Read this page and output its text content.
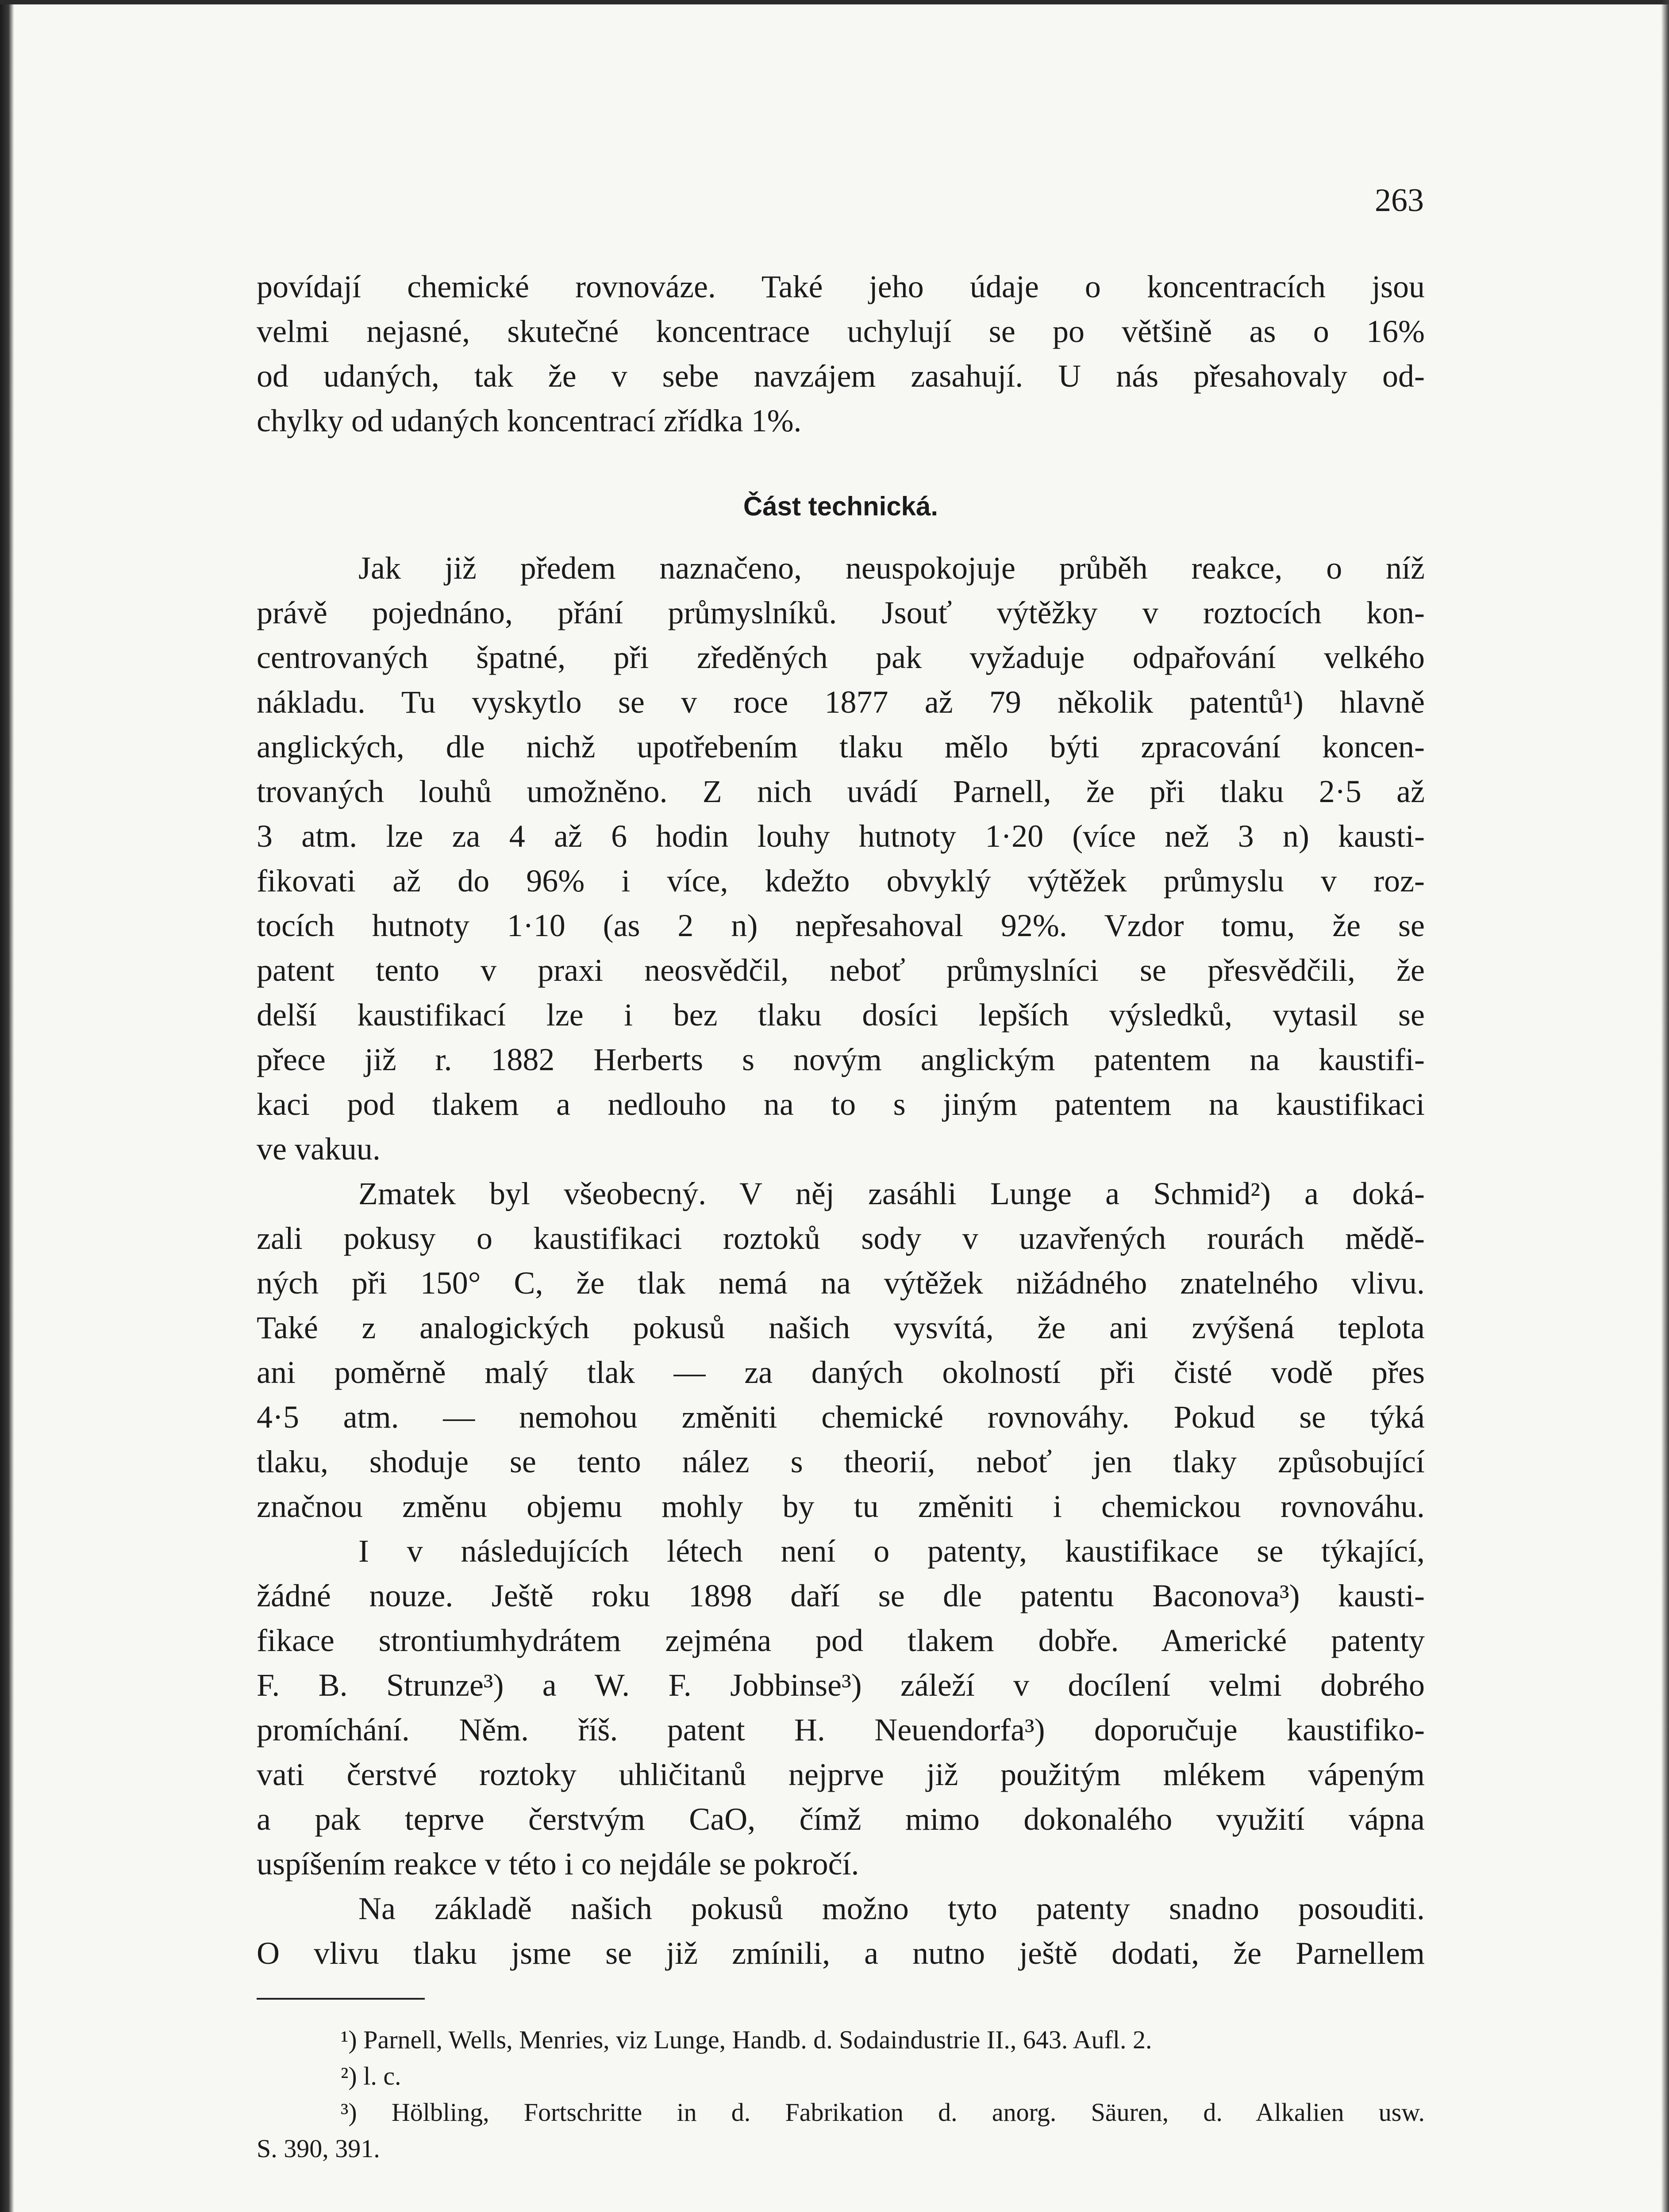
263
povídají chemické rovnováze. Také jeho údaje o koncentracích jsou
velmi nejasné, skutečné koncentrace uchylují se po většině as o 16%
od udaných, tak že v sebe navzájem zasahují. U nás přesahovaly od-
chylky od udaných koncentrací zřídka 1%.
Část technická.
Jak již předem naznačeno, neuspokojuje průběh reakce, o níž
právě pojednáno, přání průmyslníků. Jsouť výtěžky v roztocích kon-
centrovaných špatné, při zředěných pak vyžaduje odpařování velkého
nákladu. Tu vyskytlo se v roce 1877 až 79 několik patentů¹) hlavně
anglických, dle nichž upotřebením tlaku mělo býti zpracování koncen-
trovaných louhů umožněno. Z nich uvádí Parnell, že při tlaku 2·5 až
3 atm. lze za 4 až 6 hodin louhy hutnoty 1·20 (více než 3 n) kausti-
fikovati až do 96% i více, kdežto obvyklý výtěžek průmyslu v roz-
tocích hutnoty 1·10 (as 2 n) nepřesahoval 92%. Vzdor tomu, že se
patent tento v praxi neosvědčil, neboť průmyslníci se přesvědčili, že
delší kaustifikací lze i bez tlaku dosíci lepších výsledků, vytasil se
přece již r. 1882 Herberts s novým anglickým patentem na kaustifi-
kaci pod tlakem a nedlouho na to s jiným patentem na kaustifikaci
ve vakuu.
Zmatek byl všeobecný. V něj zasáhli Lunge a Schmid²) a doká-
zali pokusy o kaustifikaci roztoků sody v uzavřených rourách mědě-
ných při 150° C, že tlak nemá na výtěžek nižádného znatelného vlivu.
Také z analogických pokusů našich vysvítá, že ani zvýšená teplota
ani poměrně malý tlak — za daných okolností při čisté vodě přes
4·5 atm. — nemohou změniti chemické rovnováhy. Pokud se týká
tlaku, shoduje se tento nález s theorií, neboť jen tlaky způsobující
značnou změnu objemu mohly by tu změniti i chemickou rovnováhu.
I v následujících létech není o patenty, kaustifikace se týkající,
žádné nouze. Ještě roku 1898 daří se dle patentu Baconova³) kausti-
fikace strontiumhydrátem zejména pod tlakem dobře. Americké patenty
F. B. Strunze³) a W. F. Jobbinse³) záleží v docílení velmi dobrého
promíchání. Něm. říš. patent H. Neuendorfa³) doporučuje kaustifiko-
vati čerstvé roztoky uhličitanů nejprve již použitým mlékem vápeným
a pak teprve čerstvým CaO, čímž mimo dokonalého využití vápna
uspíšením reakce v této i co nejdále se pokročí.
Na základě našich pokusů možno tyto patenty snadno posouditi.
O vlivu tlaku jsme se již zmínili, a nutno ještě dodati, že Parnellem
¹) Parnell, Wells, Menries, viz Lunge, Handb. d. Sodaindustrie II., 643. Aufl. 2.
²) l. c.
³) Hölbling, Fortschritte in d. Fabrikation d. anorg. Säuren, d. Alkalien usw.
S. 390, 391.
